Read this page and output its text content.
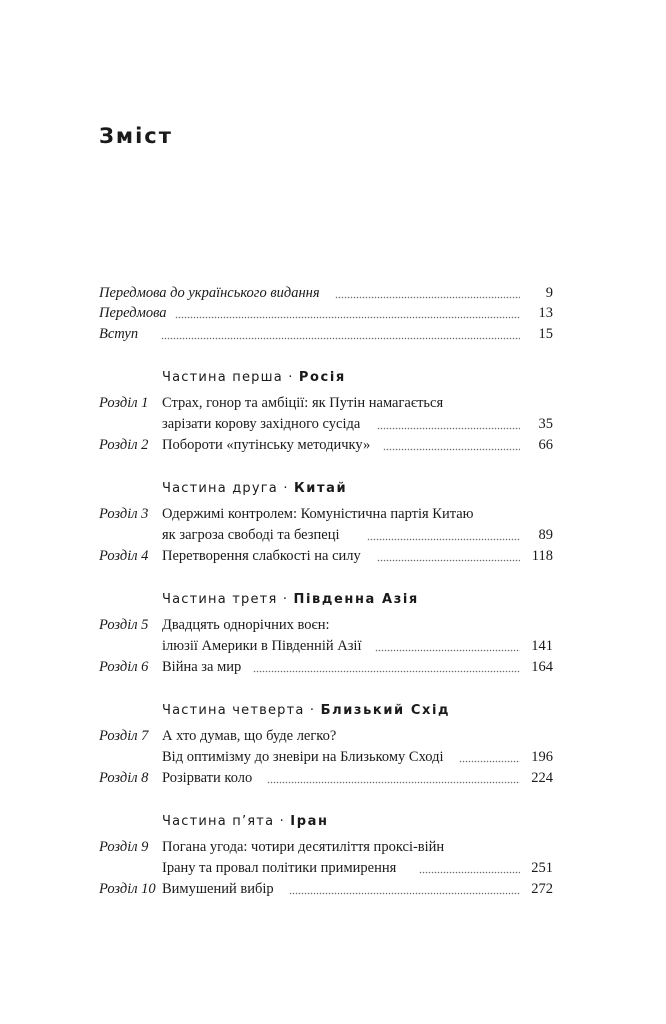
Зміст
Передмова до українського видання	9
Передмова	13
Вступ	15
Частина перша · Росія
Розділ 1 Страх, гонор та амбіції: як Путін намагається
зарізати корову західного сусіда	35
Розділ 2 Побороти «путінську методичку»	66
Частина друга · Китай
Розділ 3 Одержимі контролем: Комуністична партія Китаю
як загроза свободі та безпеці	89
Розділ 4 Перетворення слабкості на силу	118
Частина третя · Південна Азія
Розділ 5 Двадцять однорічних воєн:
ілюзії Америки в Південній Азії	141
Розділ 6 Війна за мир	164
Частина четверта · Близький Схід
Розділ 7 А хто думав, що буде легко?
Від оптимізму до зневіри на Близькому Сході	196
Розділ 8 Розірвати коло	224
Частина п’ята · Іран
Розділ 9 Погана угода: чотири десятиліття проксі-війн
Ірану та провал політики примирення	251
Розділ 10 Вимушений вибір	272
